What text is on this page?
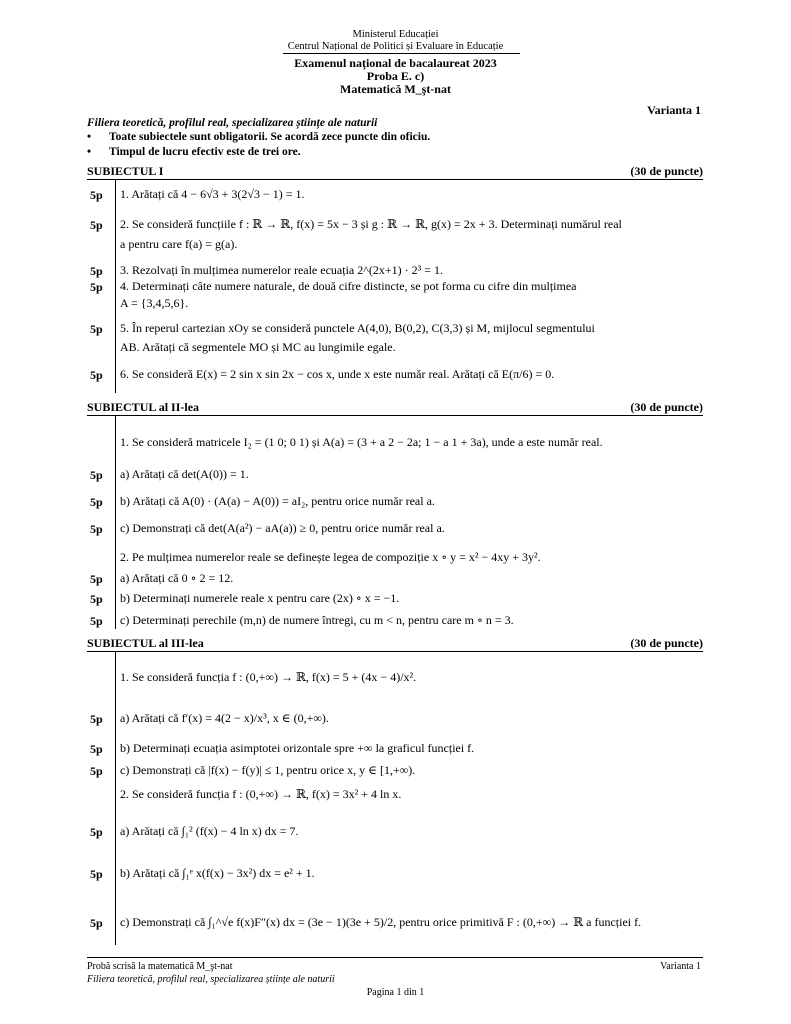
Ministerul Educației
Centrul Național de Politici și Evaluare în Educație
Examenul național de bacalaureat 2023
Proba E. c)
Matematică M_şt-nat
Varianta 1
Filiera teoretică, profilul real, specializarea științe ale naturii
• Toate subiectele sunt obligatorii. Se acordă zece puncte din oficiu.
• Timpul de lucru efectiv este de trei ore.
SUBIECTUL I	(30 de puncte)
5p 1. Arătați că 4 − 6√3 + 3(2√3 − 1) = 1.
5p 2. Se consideră funcțiile f : ℝ → ℝ, f(x) = 5x − 3 și g : ℝ → ℝ, g(x) = 2x + 3. Determinați numărul real
a pentru care f(a) = g(a).
5p 3. Rezolvați în mulțimea numerelor reale ecuația 2^(2x+1) · 2³ = 1.
5p 4. Determinați câte numere naturale, de două cifre distincte, se pot forma cu cifre din mulțimea
A = {3,4,5,6}.
5p 5. În reperul cartezian xOy se consideră punctele A(4,0), B(0,2), C(3,3) și M, mijlocul segmentului
AB. Arătați că segmentele MO și MC au lungimile egale.
5p 6. Se consideră E(x) = 2 sin x sin 2x − cos x, unde x este număr real. Arătați că E(π/6) = 0.
SUBIECTUL al II-lea	(30 de puncte)
1. Se consideră matricele I₂ = (1 0; 0 1) și A(a) = (3 + a 2 − 2a; 1 − a 1 + 3a), unde a este număr real.
5p a) Arătați că det(A(0)) = 1.
5p b) Arătați că A(0) · (A(a) − A(0)) = aI₂, pentru orice număr real a.
5p c) Demonstrați că det(A(a²) − aA(a)) ≥ 0, pentru orice număr real a.
2. Pe mulțimea numerelor reale se definește legea de compoziție x ∘ y = x² − 4xy + 3y².
5p a) Arătați că 0 ∘ 2 = 12.
5p b) Determinați numerele reale x pentru care (2x) ∘ x = −1.
5p c) Determinați perechile (m,n) de numere întregi, cu m < n, pentru care m ∘ n = 3.
SUBIECTUL al III-lea	(30 de puncte)
1. Se consideră funcția f : (0,+∞) → ℝ, f(x) = 5 + (4x − 4)/x².
5p a) Arătați că f′(x) = 4(2 − x)/x³, x ∈ (0,+∞).
5p b) Determinați ecuația asimptotei orizontale spre +∞ la graficul funcției f.
5p c) Demonstrați că |f(x) − f(y)| ≤ 1, pentru orice x, y ∈ [1,+∞).
2. Se consideră funcția f : (0,+∞) → ℝ, f(x) = 3x² + 4 ln x.
5p a) Arătați că ∫₁² (f(x) − 4 ln x) dx = 7.
5p b) Arătați că ∫₁ᵉ x(f(x) − 3x²) dx = e² + 1.
5p c) Demonstrați că ∫₁^√e f(x)F″(x) dx = (3e − 1)(3e + 5)/2, pentru orice primitivă F : (0,+∞) → ℝ a funcției f.
Probă scrisă la matematică M_şt-nat	Varianta 1
Filiera teoretică, profilul real, specializarea științe ale naturii
Pagina 1 din 1
